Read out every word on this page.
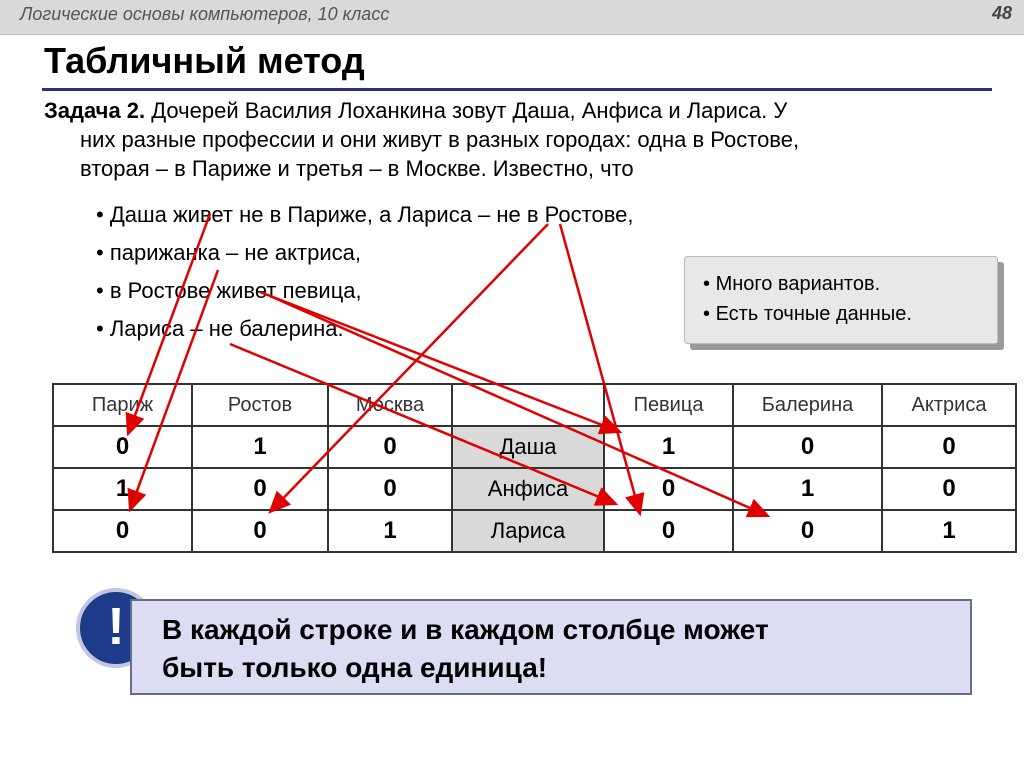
Логические основы компьютеров, 10 класс	48
Табличный метод
Задача 2. Дочерей Василия Лоханкина зовут Даша, Анфиса и Лариса. У
них разные профессии и они живут в разных городах: одна в Ростове,
вторая – в Париже и третья – в Москве. Известно, что
• Даша живет не в Париже, а Лариса – не в Ростове,
• парижанка – не актриса,
• в Ростове живет певица,
• Лариса – не балерина.
• Много вариантов.
• Есть точные данные.
Париж	Ростов	Москва		Певица	Балерина	Актриса
0	1	0	Даша	1	0	0
1	0	0	Анфиса	0	1	0
0	0	1	Лариса	0	0	1
!	В каждой строке и в каждом столбце может
быть только одна единица!
